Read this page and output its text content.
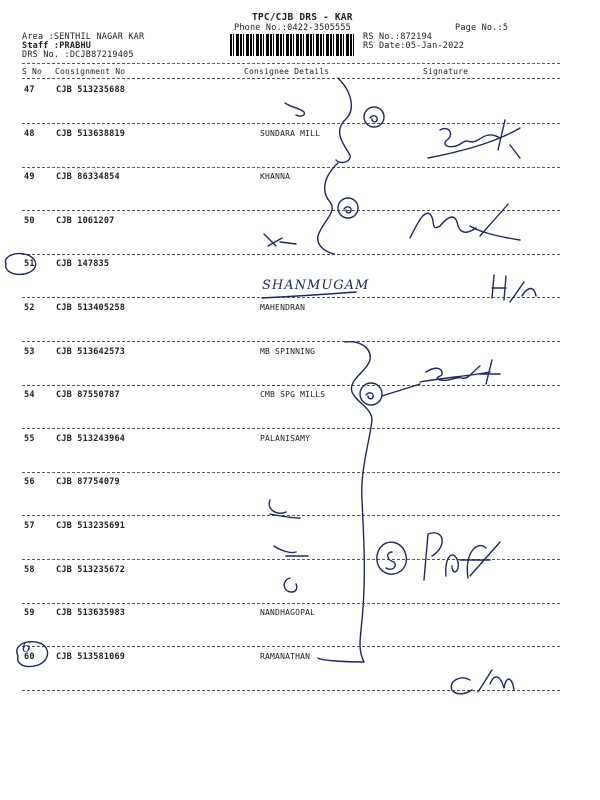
TPC/CJB DRS - KAR
Phone No.:0422-3505555	Page No.:5
Area :SENTHIL NAGAR KAR
Staff :PRABHU
DRS No. :DCJB87219405
RS No.:872194
RS Date:05-Jan-2022
S No Consignment No	Consignee Details	Signature
47	CJB 513235688
48	CJB 513638819	SUNDARA MILL
49	CJB 86334854	KHANNA
50	CJB 1061207
51	CJB 147835
52	CJB 513405258	MAHENDRAN
53	CJB 513642573	MB SPINNING
54	CJB 87550787	CMB SPG MILLS
55	CJB 513243964	PALANISAMY
56	CJB 87754079
57	CJB 513235691
58	CJB 513235672
59	CJB 513635983	NANDHAGOPAL
60	CJB 513581069	RAMANATHAN
SHANMUGAM
6
